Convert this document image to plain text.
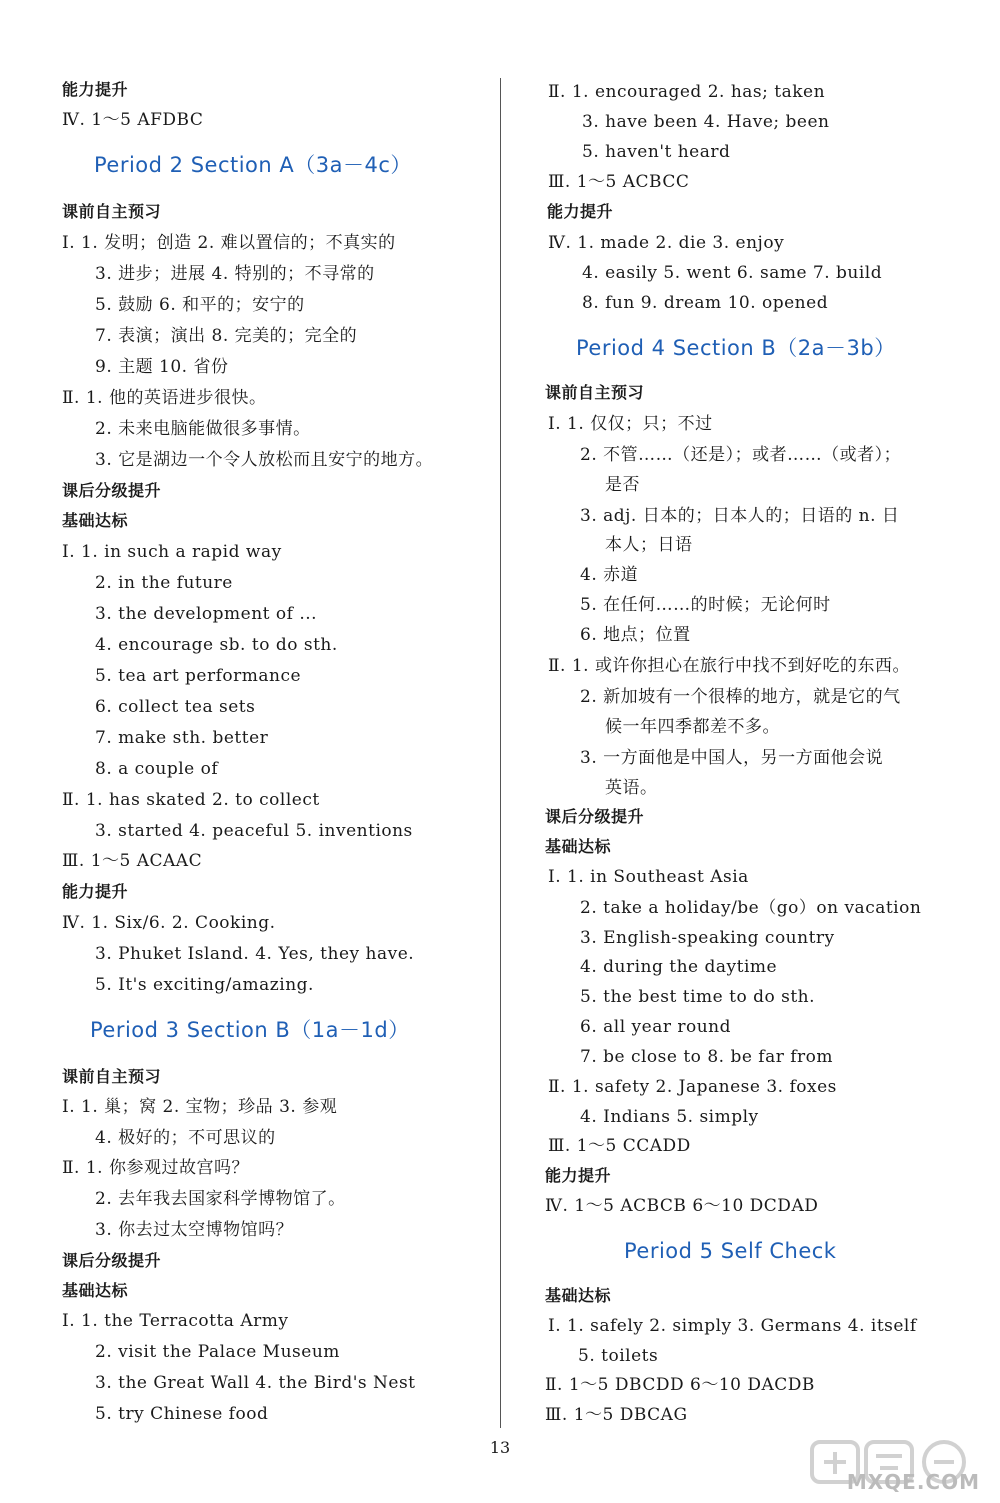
能力提升
Ⅳ. 1～5 AFDBC
Period 2 Section A（3a－4c）
课前自主预习
Ⅰ. 1. 发明；创造 2. 难以置信的；不真实的
3. 进步；进展 4. 特别的；不寻常的
5. 鼓励 6. 和平的；安宁的
7. 表演；演出 8. 完美的；完全的
9. 主题 10. 省份
Ⅱ. 1. 他的英语进步很快。
2. 未来电脑能做很多事情。
3. 它是湖边一个令人放松而且安宁的地方。
课后分级提升
基础达标
Ⅰ. 1. in such a rapid way
2. in the future
3. the development of ...
4. encourage sb. to do sth.
5. tea art performance
6. collect tea sets
7. make sth. better
8. a couple of
Ⅱ. 1. has skated 2. to collect
3. started 4. peaceful 5. inventions
Ⅲ. 1～5 ACAAC
能力提升
Ⅳ. 1. Six/6. 2. Cooking.
3. Phuket Island. 4. Yes, they have.
5. It's exciting/amazing.
Period 3 Section B（1a－1d）
课前自主预习
Ⅰ. 1. 巢；窝 2. 宝物；珍品 3. 参观
4. 极好的；不可思议的
Ⅱ. 1. 你参观过故宫吗？
2. 去年我去国家科学博物馆了。
3. 你去过太空博物馆吗？
课后分级提升
基础达标
Ⅰ. 1. the Terracotta Army
2. visit the Palace Museum
3. the Great Wall 4. the Bird's Nest
5. try Chinese food
Ⅱ. 1. encouraged 2. has; taken
3. have been 4. Have; been
5. haven't heard
Ⅲ. 1～5 ACBCC
能力提升
Ⅳ. 1. made 2. die 3. enjoy
4. easily 5. went 6. same 7. build
8. fun 9. dream 10. opened
Period 4 Section B（2a－3b）
课前自主预习
Ⅰ. 1. 仅仅；只；不过
2. 不管……（还是）；或者……（或者）；
是否
3. adj. 日本的；日本人的；日语的 n. 日
本人；日语
4. 赤道
5. 在任何……的时候；无论何时
6. 地点；位置
Ⅱ. 1. 或许你担心在旅行中找不到好吃的东西。
2. 新加坡有一个很棒的地方，就是它的气
候一年四季都差不多。
3. 一方面他是中国人，另一方面他会说
英语。
课后分级提升
基础达标
Ⅰ. 1. in Southeast Asia
2. take a holiday/be（go）on vacation
3. English-speaking country
4. during the daytime
5. the best time to do sth.
6. all year round
7. be close to 8. be far from
Ⅱ. 1. safety 2. Japanese 3. foxes
4. Indians 5. simply
Ⅲ. 1～5 CCADD
能力提升
Ⅳ. 1～5 ACBCB 6～10 DCDAD
Period 5 Self Check
基础达标
Ⅰ. 1. safely 2. simply 3. Germans 4. itself
5. toilets
Ⅱ. 1～5 DBCDD 6～10 DACDB
Ⅲ. 1～5 DBCAG
13
MXQE.COM
